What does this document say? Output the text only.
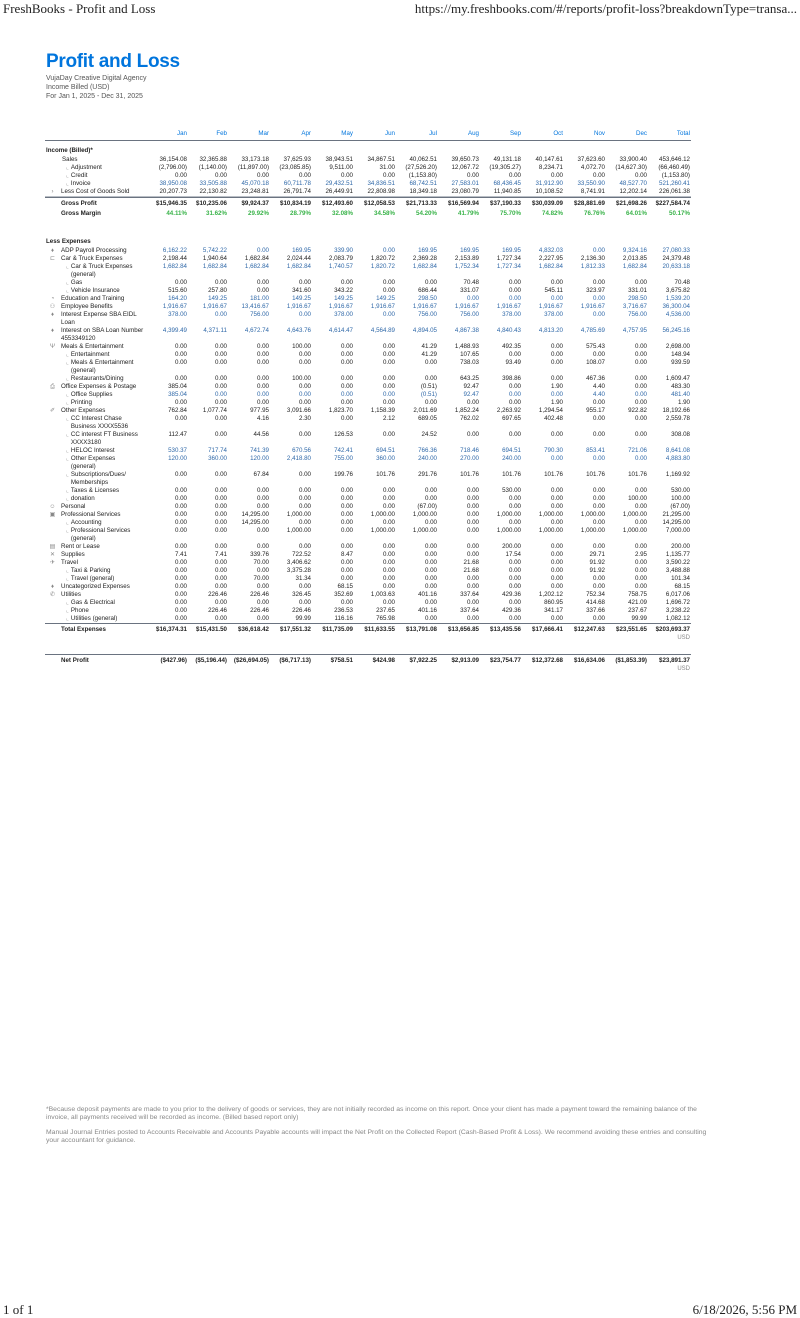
FreshBooks - Profit and Loss	https://my.freshbooks.com/#/reports/profit-loss?breakdownType=transa...
Profit and Loss
VujaDay Creative Digital Agency
Income Billed (USD)
For Jan 1, 2025 - Dec 31, 2025
		Jan	Feb	Mar	Apr	May	Jun	Jul	Aug	Sep	Oct	Nov	Dec	Total
Income (Billed)*														
	Sales	36,154.08	32,365.88	33,173.18	37,625.93	38,943.51	34,867.51	40,062.51	39,650.73	49,131.18	40,147.61	37,623.60	33,900.40	453,646.12
	⌞ Adjustment	(2,796.00)	(1,140.00)	(11,897.00)	(23,085.85)	9,511.00	31.00	(27,526.20)	12,067.72	(19,305.27)	8,234.71	4,072.70	(14,627.30)	(66,460.49)
	⌞ Credit	0.00	0.00	0.00	0.00	0.00	0.00	(1,153.80)	0.00	0.00	0.00	0.00	0.00	(1,153.80)
	⌞ Invoice	38,950.08	33,505.88	45,070.18	60,711.78	29,432.51	34,836.51	68,742.51	27,583.01	68,436.45	31,912.90	33,550.90	48,527.70	521,260.41
›	Less Cost of Goods Sold	20,207.73	22,130.82	23,248.81	26,791.74	26,449.91	22,808.98	18,349.18	23,080.79	11,940.85	10,108.52	8,741.91	12,202.14	226,061.38

	Gross Profit	$15,946.35	$10,235.06	$9,924.37	$10,834.19	$12,493.60	$12,058.53	$21,713.33	$16,569.94	$37,190.33	$30,039.09	$28,881.69	$21,698.26	$227,584.74
	Gross Margin	44.11%	31.62%	29.92%	28.79%	32.08%	34.58%	54.20%	41.79%	75.70%	74.82%	76.76%	64.01%	50.17%

Less Expenses														
♦	ADP Payroll Processing	6,162.22	5,742.22	0.00	169.95	339.90	0.00	169.95	169.95	169.95	4,832.03	0.00	9,324.16	27,080.33
⊏	Car & Truck Expenses	2,198.44	1,940.64	1,682.84	2,024.44	2,083.79	1,820.72	2,369.28	2,153.89	1,727.34	2,227.95	2,136.30	2,013.85	24,379.48
	⌞ Car & Truck Expenses (general)	1,682.84	1,682.84	1,682.84	1,682.84	1,740.57	1,820.72	1,682.84	1,752.34	1,727.34	1,682.84	1,812.33	1,682.84	20,633.18
	⌞ Gas	0.00	0.00	0.00	0.00	0.00	0.00	0.00	70.48	0.00	0.00	0.00	0.00	70.48
	⌞ Vehicle Insurance	515.60	257.80	0.00	341.60	343.22	0.00	686.44	331.07	0.00	545.11	323.97	331.01	3,675.82
◔	Education and Training	164.20	149.25	181.00	149.25	149.25	149.25	298.50	0.00	0.00	0.00	0.00	298.50	1,539.20
⚇	Employee Benefits	1,916.67	1,916.67	13,416.67	1,916.67	1,916.67	1,916.67	1,916.67	1,916.67	1,916.67	1,916.67	1,916.67	3,716.67	36,300.04
♦	Interest Expense SBA EIDL Loan	378.00	0.00	756.00	0.00	378.00	0.00	756.00	756.00	378.00	378.00	0.00	756.00	4,536.00
♦	Interest on SBA Loan Number 4553349120	4,399.49	4,371.11	4,672.74	4,643.76	4,614.47	4,564.89	4,894.05	4,867.38	4,840.43	4,813.20	4,785.69	4,757.95	56,245.16
Ψ	Meals & Entertainment	0.00	0.00	0.00	100.00	0.00	0.00	41.29	1,488.93	492.35	0.00	575.43	0.00	2,698.00
	⌞ Entertainment	0.00	0.00	0.00	0.00	0.00	0.00	41.29	107.65	0.00	0.00	0.00	0.00	148.94
	⌞ Meals & Entertainment (general)	0.00	0.00	0.00	0.00	0.00	0.00	0.00	738.03	93.49	0.00	108.07	0.00	939.59
	⌞ Restaurants/Dining	0.00	0.00	0.00	100.00	0.00	0.00	0.00	643.25	398.86	0.00	467.36	0.00	1,609.47
⎙	Office Expenses & Postage	385.04	0.00	0.00	0.00	0.00	0.00	(0.51)	92.47	0.00	1.90	4.40	0.00	483.30
	⌞ Office Supplies	385.04	0.00	0.00	0.00	0.00	0.00	(0.51)	92.47	0.00	0.00	4.40	0.00	481.40
	⌞ Printing	0.00	0.00	0.00	0.00	0.00	0.00	0.00	0.00	0.00	1.90	0.00	0.00	1.90
✐	Other Expenses	762.84	1,077.74	977.95	3,091.66	1,823.70	1,158.39	2,011.69	1,852.24	2,263.92	1,294.54	955.17	922.82	18,192.66
	⌞ CC Interest Chase Business XXXX5536	0.00	0.00	4.16	2.30	0.00	2.12	689.05	762.02	697.65	402.48	0.00	0.00	2,559.78
	⌞ CC interest FT Business XXXX3180	112.47	0.00	44.56	0.00	126.53	0.00	24.52	0.00	0.00	0.00	0.00	0.00	308.08
	⌞ HELOC Interest	530.37	717.74	741.39	670.56	742.41	694.51	766.36	718.46	694.51	790.30	853.41	721.06	8,641.08
	⌞ Other Expenses (general)	120.00	360.00	120.00	2,418.80	755.00	360.00	240.00	270.00	240.00	0.00	0.00	0.00	4,883.80
	⌞ Subscriptions/Dues/ Memberships	0.00	0.00	67.84	0.00	199.76	101.76	291.76	101.76	101.76	101.76	101.76	101.76	1,169.92
	⌞ Taxes & Licenses	0.00	0.00	0.00	0.00	0.00	0.00	0.00	0.00	530.00	0.00	0.00	0.00	530.00
	⌞ donation	0.00	0.00	0.00	0.00	0.00	0.00	0.00	0.00	0.00	0.00	0.00	100.00	100.00
☺	Personal	0.00	0.00	0.00	0.00	0.00	0.00	(67.00)	0.00	0.00	0.00	0.00	0.00	(67.00)
▣	Professional Services	0.00	0.00	14,295.00	1,000.00	0.00	1,000.00	1,000.00	0.00	1,000.00	1,000.00	1,000.00	1,000.00	21,295.00
	⌞ Accounting	0.00	0.00	14,295.00	0.00	0.00	0.00	0.00	0.00	0.00	0.00	0.00	0.00	14,295.00
	⌞ Professional Services (general)	0.00	0.00	0.00	1,000.00	0.00	1,000.00	1,000.00	0.00	1,000.00	1,000.00	1,000.00	1,000.00	7,000.00
▤	Rent or Lease	0.00	0.00	0.00	0.00	0.00	0.00	0.00	0.00	200.00	0.00	0.00	0.00	200.00
✕	Supplies	7.41	7.41	339.76	722.52	8.47	0.00	0.00	0.00	17.54	0.00	29.71	2.95	1,135.77
✈	Travel	0.00	0.00	70.00	3,406.62	0.00	0.00	0.00	21.68	0.00	0.00	91.92	0.00	3,590.22
	⌞ Taxi & Parking	0.00	0.00	0.00	3,375.28	0.00	0.00	0.00	21.68	0.00	0.00	91.92	0.00	3,488.88
	⌞ Travel (general)	0.00	0.00	70.00	31.34	0.00	0.00	0.00	0.00	0.00	0.00	0.00	0.00	101.34
♦	Uncategorized Expenses	0.00	0.00	0.00	0.00	68.15	0.00	0.00	0.00	0.00	0.00	0.00	0.00	68.15
✆	Utilities	0.00	226.46	226.46	326.45	352.69	1,003.63	401.16	337.64	429.36	1,202.12	752.34	758.75	6,017.06
	⌞ Gas & Electrical	0.00	0.00	0.00	0.00	0.00	0.00	0.00	0.00	0.00	860.95	414.68	421.09	1,696.72
	⌞ Phone	0.00	226.46	226.46	226.46	236.53	237.65	401.16	337.64	429.36	341.17	337.66	237.67	3,238.22
	⌞ Utilities (general)	0.00	0.00	0.00	99.99	116.16	765.98	0.00	0.00	0.00	0.00	0.00	99.99	1,082.12
	Total Expenses	$16,374.31	$15,431.50	$36,618.42	$17,551.32	$11,735.09	$11,633.55	$13,791.08	$13,656.85	$13,435.56	$17,666.41	$12,247.63	$23,551.65	$203,693.37
USD

	Net Profit	($427.96)	($5,196.44)	($26,694.05)	($6,717.13)	$758.51	$424.98	$7,922.25	$2,913.09	$23,754.77	$12,372.68	$16,634.06	($1,853.39)	$23,891.37
USD
*Because deposit payments are made to you prior to the delivery of goods or services, they are not initially recorded as income on this report. Once your client has made a payment toward the remaining balance of the invoice, all payments received will be recorded as income. (Billed based report only)
Manual Journal Entries posted to Accounts Receivable and Accounts Payable accounts will impact the Net Profit on the Collected Report (Cash-Based Profit & Loss). We recommend avoiding these entries and consulting your accountant for guidance.
1 of 1	6/18/2026, 5:56 PM
